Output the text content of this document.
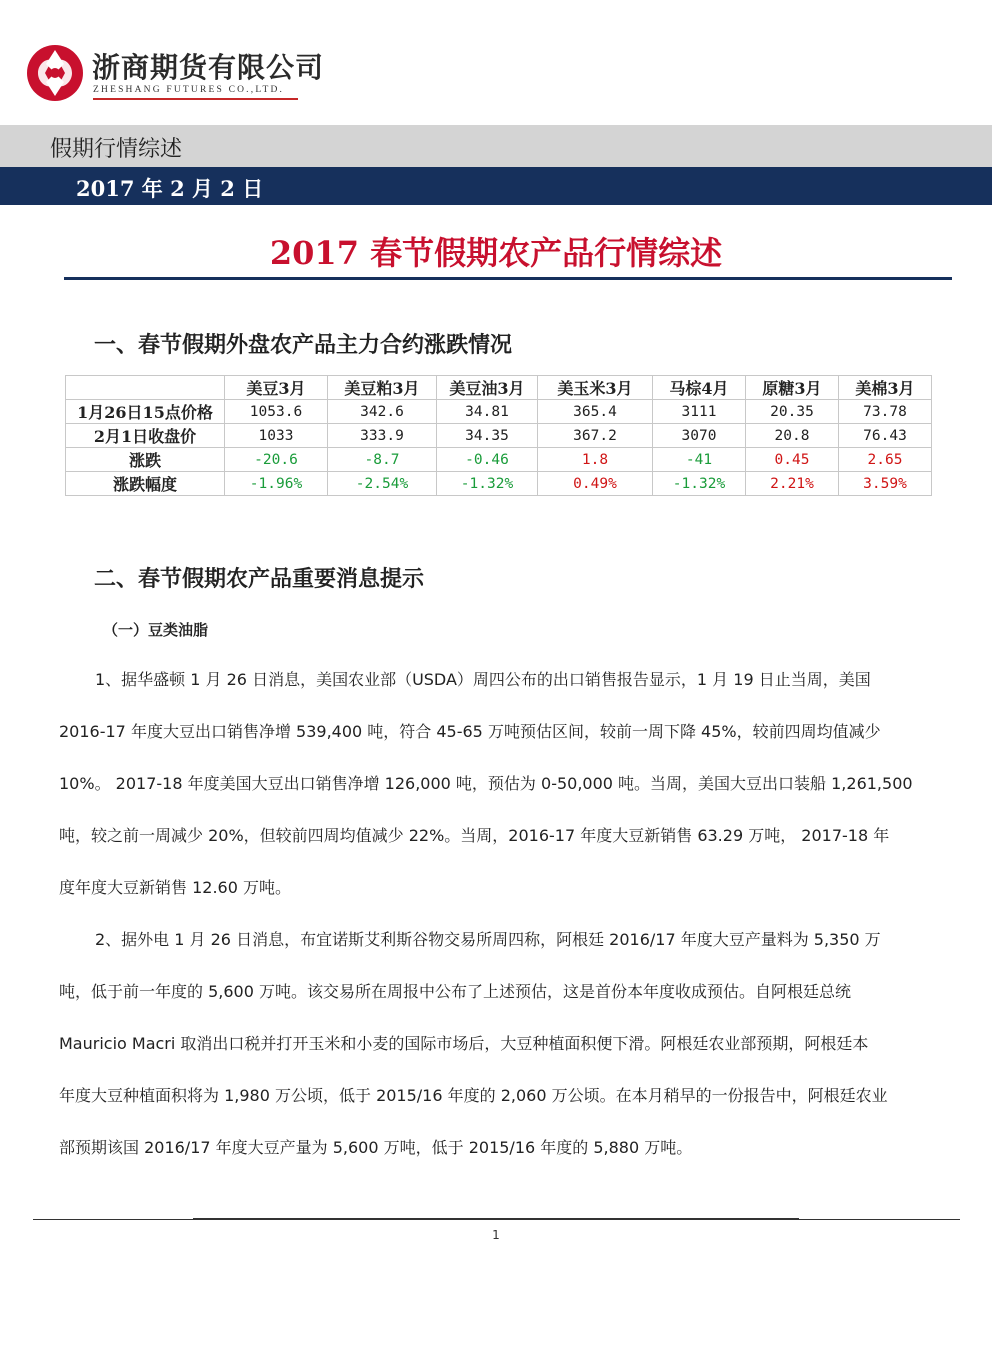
浙商期货有限公司
ZHESHANG FUTURES CO.,LTD.
假期行情综述
2017 年 2 月 2 日
2017 春节假期农产品行情综述
一、春节假期外盘农产品主力合约涨跌情况
	美豆3月	美豆粕3月	美豆油3月	美玉米3月	马棕4月	原糖3月	美棉3月
1月26日15点价格	1053.6	342.6	34.81	365.4	3111	20.35	73.78
2月1日收盘价	1033	333.9	34.35	367.2	3070	20.8	76.43
涨跌	-20.6	-8.7	-0.46	1.8	-41	0.45	2.65
涨跌幅度	-1.96%	-2.54%	-1.32%	0.49%	-1.32%	2.21%	3.59%
二、春节假期农产品重要消息提示
（一）豆类油脂
1、据华盛顿 1 月 26 日消息，美国农业部（USDA）周四公布的出口销售报告显示，1 月 19 日止当周，美国
2016-17 年度大豆出口销售净增 539,400 吨，符合 45-65 万吨预估区间，较前一周下降 45%，较前四周均值减少
10%。 2017-18 年度美国大豆出口销售净增 126,000 吨，预估为 0-50,000 吨。当周，美国大豆出口装船 1,261,500
吨，较之前一周减少 20%，但较前四周均值减少 22%。当周，2016-17 年度大豆新销售 63.29 万吨， 2017-18 年
度年度大豆新销售 12.60 万吨。
2、据外电 1 月 26 日消息，布宜诺斯艾利斯谷物交易所周四称，阿根廷 2016/17 年度大豆产量料为 5,350 万
吨，低于前一年度的 5,600 万吨。该交易所在周报中公布了上述预估，这是首份本年度收成预估。自阿根廷总统
Mauricio Macri 取消出口税并打开玉米和小麦的国际市场后，大豆种植面积便下滑。阿根廷农业部预期，阿根廷本
年度大豆种植面积将为 1,980 万公顷，低于 2015/16 年度的 2,060 万公顷。在本月稍早的一份报告中，阿根廷农业
部预期该国 2016/17 年度大豆产量为 5,600 万吨，低于 2015/16 年度的 5,880 万吨。
1
